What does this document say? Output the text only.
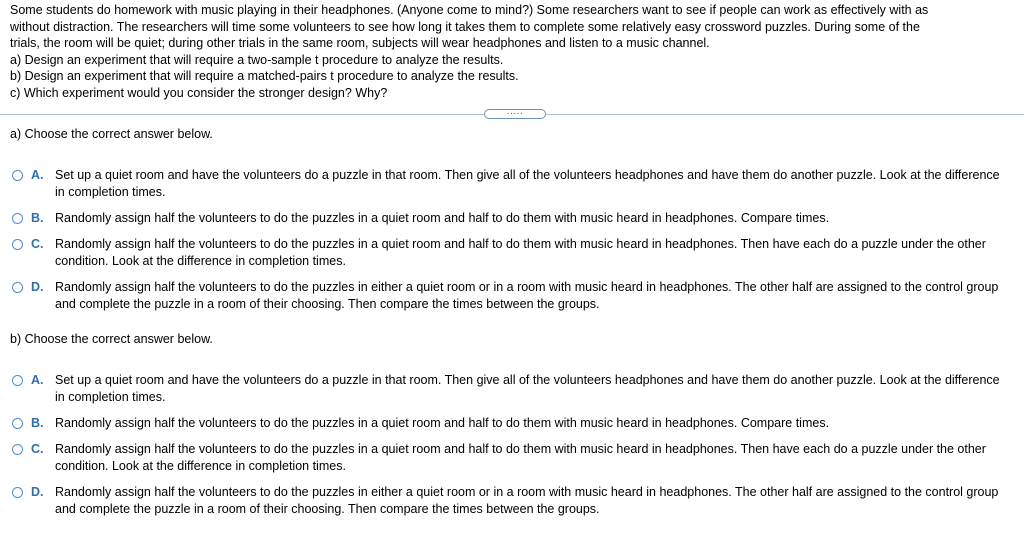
Some students do homework with music playing in their headphones. (Anyone come to mind?) Some researchers want to see if people can work as effectively with as

without distraction. The researchers will time some volunteers to see how long it takes them to complete some relatively easy crossword puzzles. During some of the

trials, the room will be quiet; during other trials in the same room, subjects will wear headphones and listen to a music channel.

a) Design an experiment that will require a two-sample t procedure to analyze the results.

b) Design an experiment that will require a matched-pairs t procedure to analyze the results.

c) Which experiment would you consider the stronger design? Why?

.....

a) Choose the correct answer below.

A. Set up a quiet room and have the volunteers do a puzzle in that room. Then give all of the volunteers headphones and have them do another puzzle. Look at the difference in completion times.
B. Randomly assign half the volunteers to do the puzzles in a quiet room and half to do them with music heard in headphones. Compare times.
C. Randomly assign half the volunteers to do the puzzles in a quiet room and half to do them with music heard in headphones. Then have each do a puzzle under the other condition. Look at the difference in completion times.
D. Randomly assign half the volunteers to do the puzzles in either a quiet room or in a room with music heard in headphones. The other half are assigned to the control group and complete the puzzle in a room of their choosing. Then compare the times between the groups.

b) Choose the correct answer below.

A. Set up a quiet room and have the volunteers do a puzzle in that room. Then give all of the volunteers headphones and have them do another puzzle. Look at the difference in completion times.
B. Randomly assign half the volunteers to do the puzzles in a quiet room and half to do them with music heard in headphones. Compare times.
C. Randomly assign half the volunteers to do the puzzles in a quiet room and half to do them with music heard in headphones. Then have each do a puzzle under the other condition. Look at the difference in completion times.
D. Randomly assign half the volunteers to do the puzzles in either a quiet room or in a room with music heard in headphones. The other half are assigned to the control group and complete the puzzle in a room of their choosing. Then compare the times between the groups.
